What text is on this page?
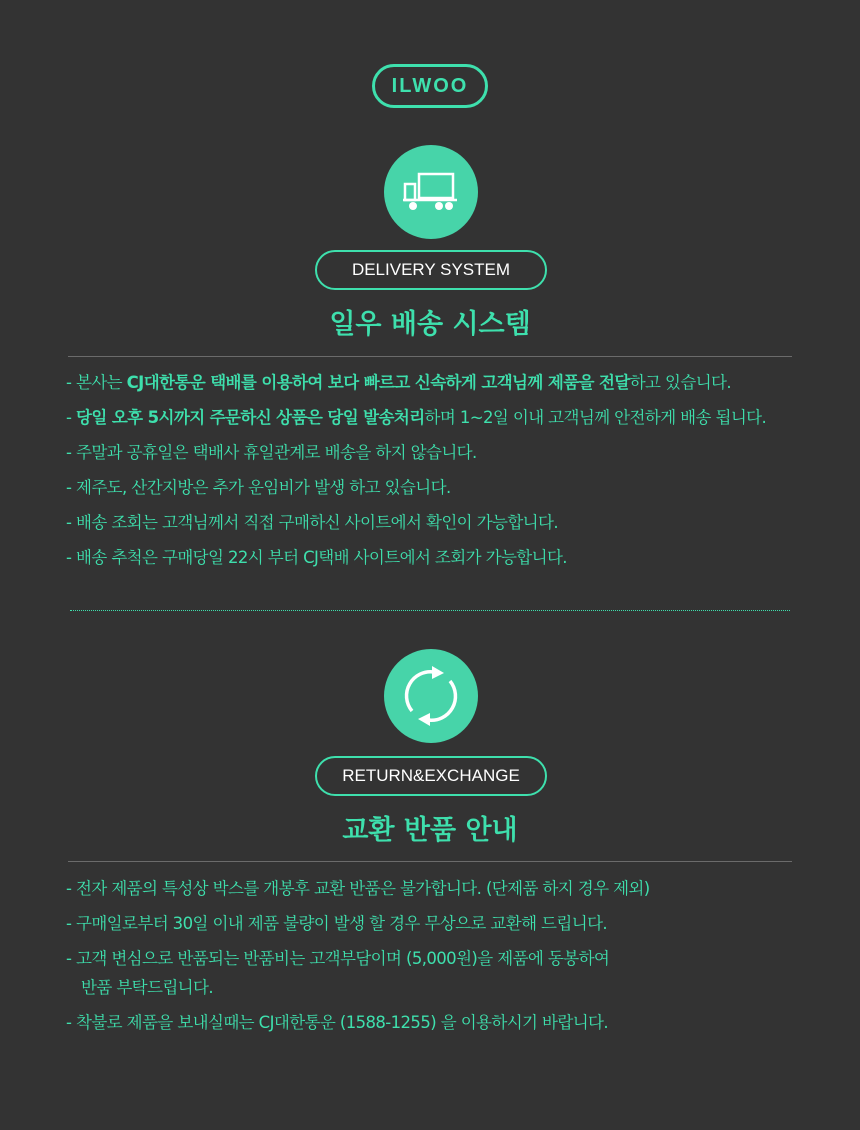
ILWOO
DELIVERY SYSTEM
일우 배송 시스템
- 본사는 CJ대한통운 택배를 이용하여 보다 빠르고 신속하게 고객님께 제품을 전달하고 있습니다.
- 당일 오후 5시까지 주문하신 상품은 당일 발송처리하며 1~2일 이내 고객님께 안전하게 배송 됩니다.
- 주말과 공휴일은 택배사 휴일관계로 배송을 하지 않습니다.
- 제주도, 산간지방은 추가 운임비가 발생 하고 있습니다.
- 배송 조회는 고객님께서 직접 구매하신 사이트에서 확인이 가능합니다.
- 배송 추척은 구매당일 22시 부터 CJ택배 사이트에서 조회가 가능합니다.
RETURN&EXCHANGE
교환 반품 안내
- 전자 제품의 특성상 박스를 개봉후 교환 반품은 불가합니다. (단제품 하지 경우 제외)
- 구매일로부터 30일 이내 제품 불량이 발생 할 경우 무상으로 교환해 드립니다.
- 고객 변심으로 반품되는 반품비는 고객부담이며 (5,000원)을 제품에 동봉하여
반품 부탁드립니다.
- 착불로 제품을 보내실때는 CJ대한통운 (1588-1255) 을 이용하시기 바랍니다.
